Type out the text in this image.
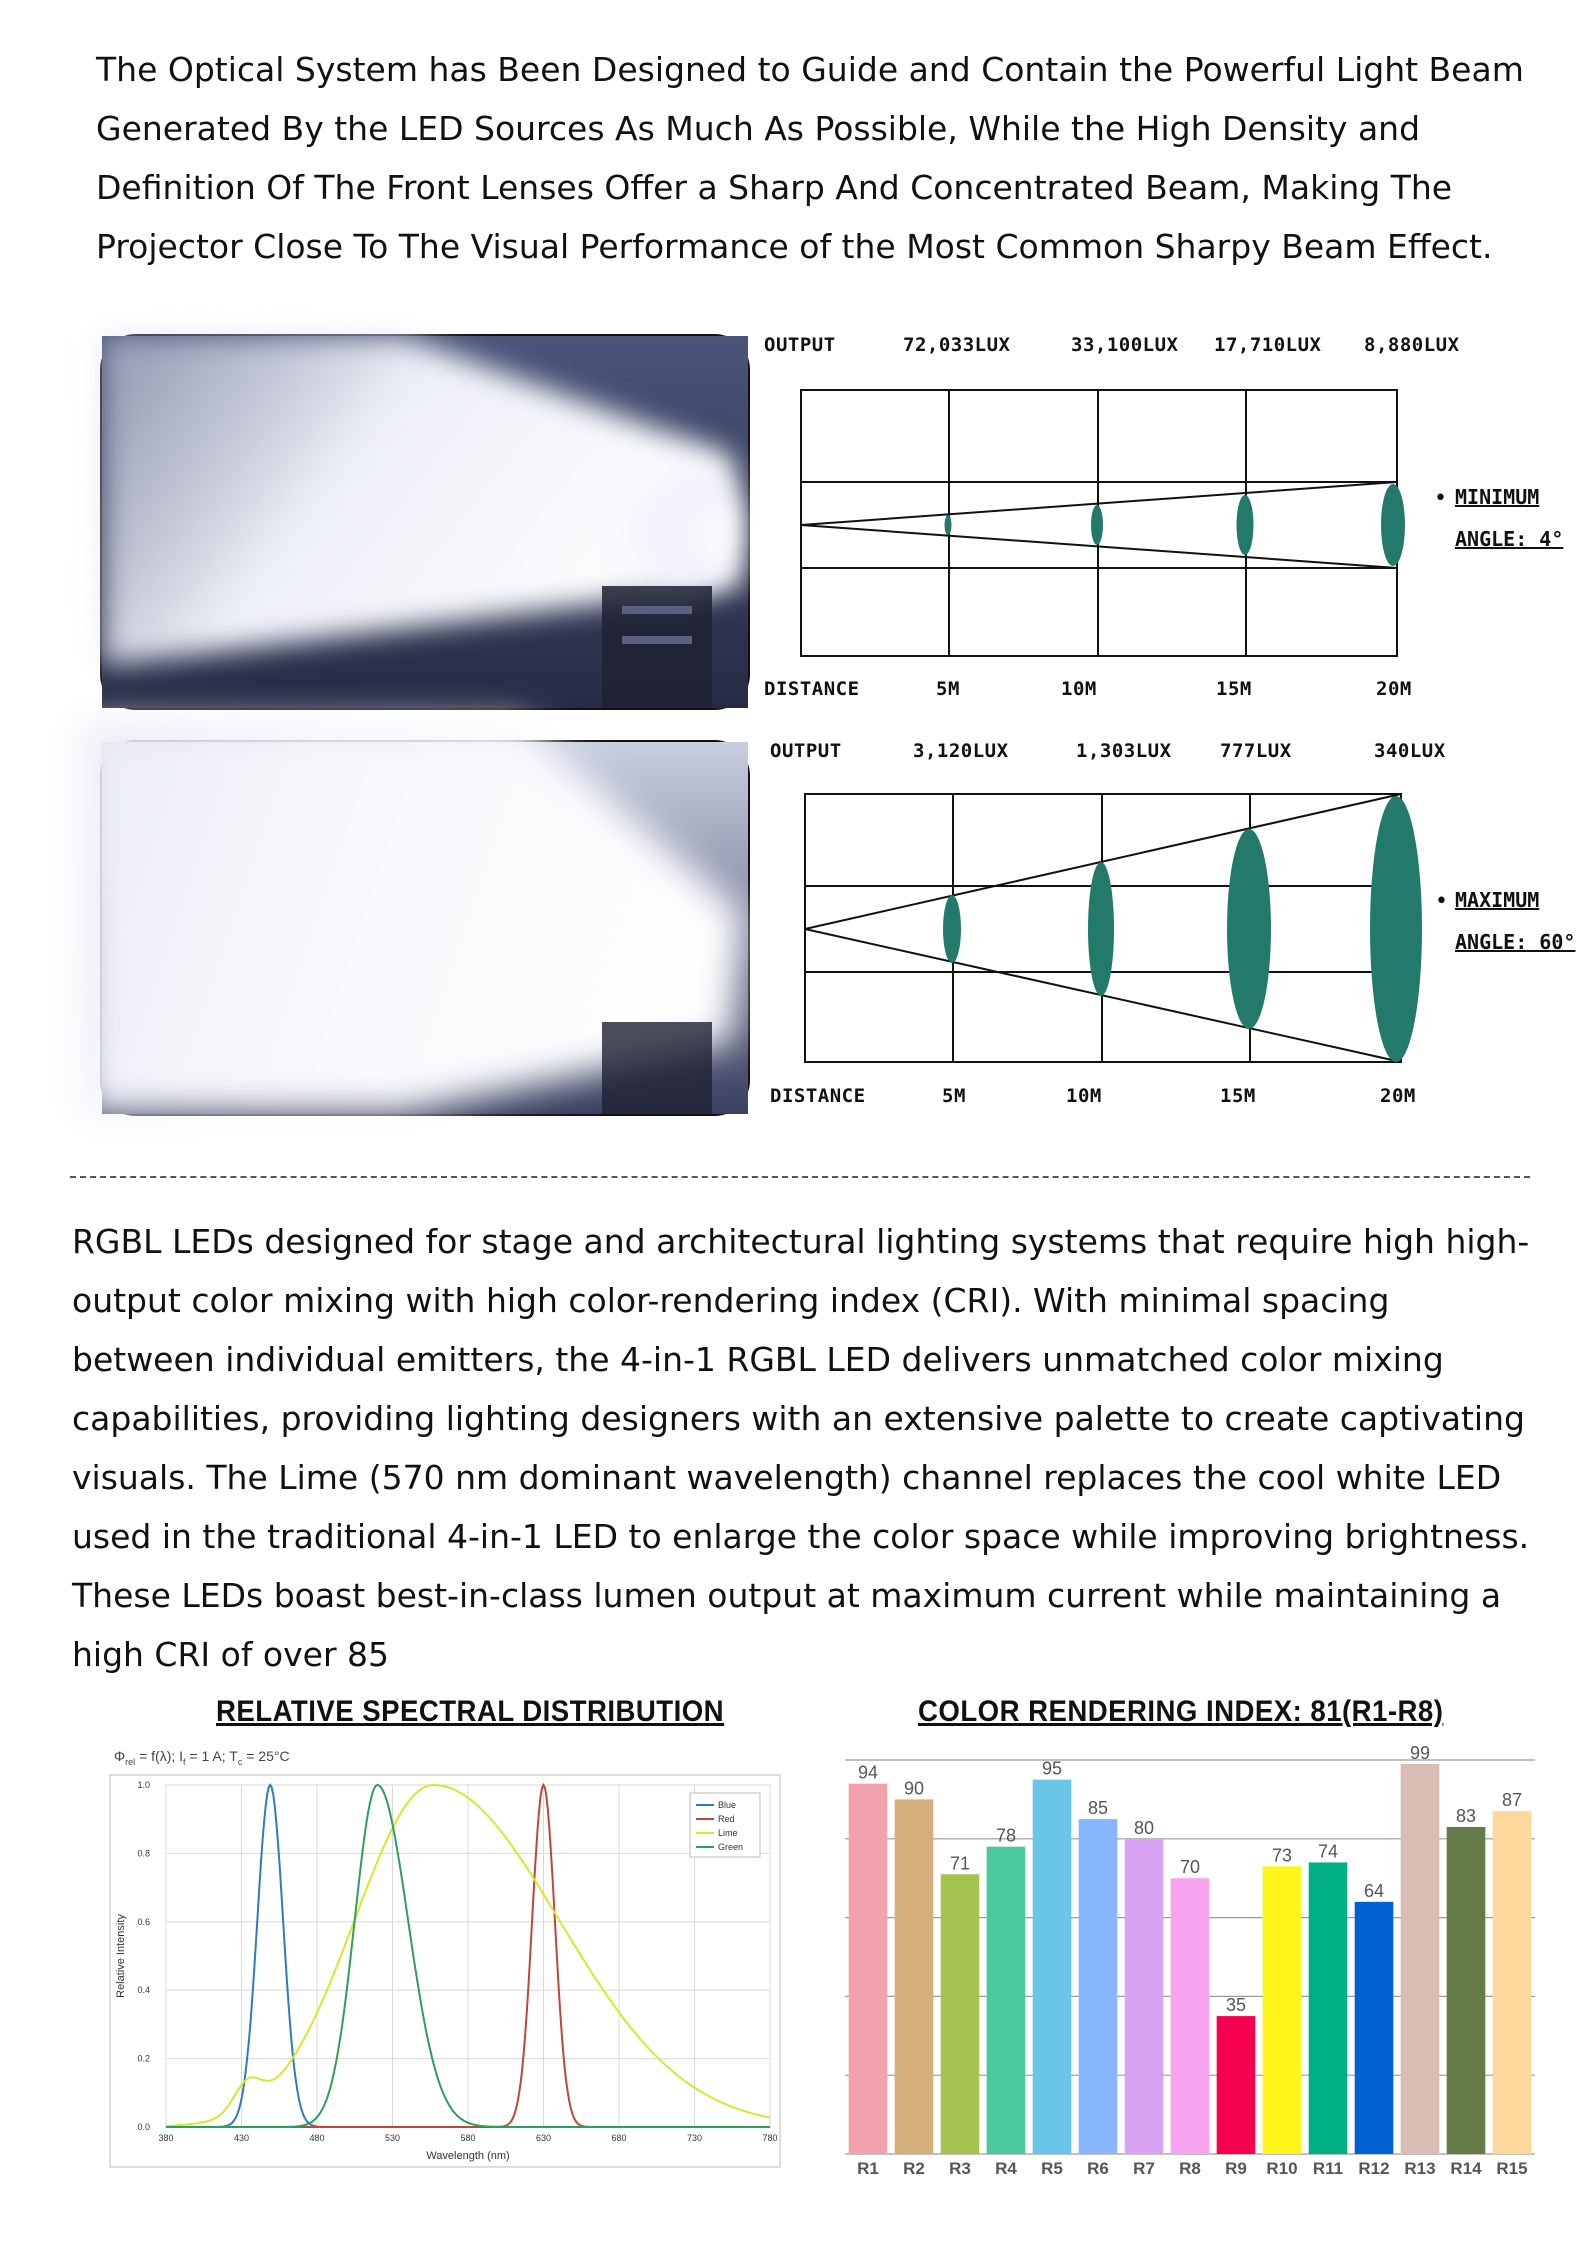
The Optical System has Been Designed to Guide and Contain the Powerful Light Beam Generated By the LED Sources As Much As Possible, While the High Density and Definition Of The Front Lenses Offer a Sharp And Concentrated Beam, Making The Projector Close To The Visual Performance of the Most Common Sharpy Beam Effect.

OUTPUT	72,033LUX	33,100LUX 17,710LUX 8,880LUX
• MINIMUM
ANGLE: 4°
DISTANCE	5M	10M	15M	20M
OUTPUT	3,120LUX	1,303LUX	777LUX	340LUX
• MAXIMUM
ANGLE: 60°
DISTANCE	5M	10M	15M	20M

RGBL LEDs designed for stage and architectural lighting systems that require high high-output color mixing with high color-rendering index (CRI). With minimal spacing between individual emitters, the 4-in-1 RGBL LED delivers unmatched color mixing capabilities, providing lighting designers with an extensive palette to create captivating visuals. The Lime (570 nm dominant wavelength) channel replaces the cool white LED used in the traditional 4-in-1 LED to enlarge the color space while improving brightness. These LEDs boast best-in-class lumen output at maximum current while maintaining a high CRI of over 85

RELATIVE SPECTRAL DISTRIBUTION	COLOR RENDERING INDEX: 81(R1-R8)
$\Phi_{rel} = f(\lambda)$; $I_f = 1$ A; $T_c = 25^\circ C$
380	430	480	530	580	630	680	730	780
0.0
0.2
0.4
0.6
0.8
1.0
Blue
Red
Lime
Green
Wavelength (nm)
Relative Intensity
94
R1
90
R2
71
R3
78
R4
95
R5
85
R6
80
R7
70
R8
35
R9
73
R10
74
R11
64
R12
99
R13
83
R14
87
R15
